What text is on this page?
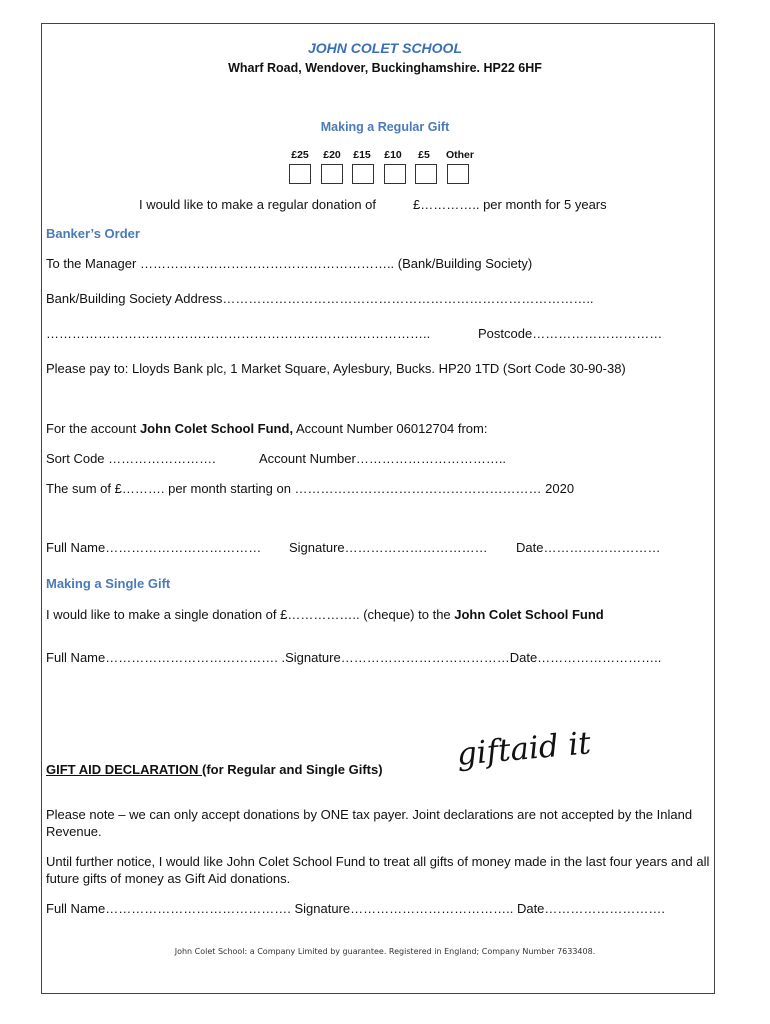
JOHN COLET SCHOOL
Wharf Road, Wendover, Buckinghamshire. HP22 6HF
Making a Regular Gift
£25	£20	£15	£10	£5	Other
I would like to make a regular donation of	£………….. per month for 5 years
Banker’s Order
To the Manager ………………………………………………….. (Bank/Building Society)
Bank/Building Society Address…………………………………………………………………………..
……………………………………………………………………………..	Postcode…………………………
Please pay to: Lloyds Bank plc, 1 Market Square, Aylesbury, Bucks. HP20 1TD (Sort Code 30-90-38)
For the account John Colet School Fund, Account Number 06012704 from:
Sort Code …………………….	Account Number……………………………..
The sum of £………. per month starting on ………………………………………………… 2020
Full Name……………………………… Signature…………………………… Date………………………
Making a Single Gift
I would like to make a single donation of £…………….. (cheque) to the John Colet School Fund
Full Name…………………………………. .Signature…………………………………Date………………………..
giftaid it
GIFT AID DECLARATION (for Regular and Single Gifts)
Please note – we can only accept donations by ONE tax payer. Joint declarations are not accepted by the Inland Revenue.
Until further notice, I would like John Colet School Fund to treat all gifts of money made in the last four years and all future gifts of money as Gift Aid donations.
Full Name……………………………………. Signature……………………………….. Date……………………….
John Colet School: a Company Limited by guarantee. Registered in England; Company Number 7633408.
